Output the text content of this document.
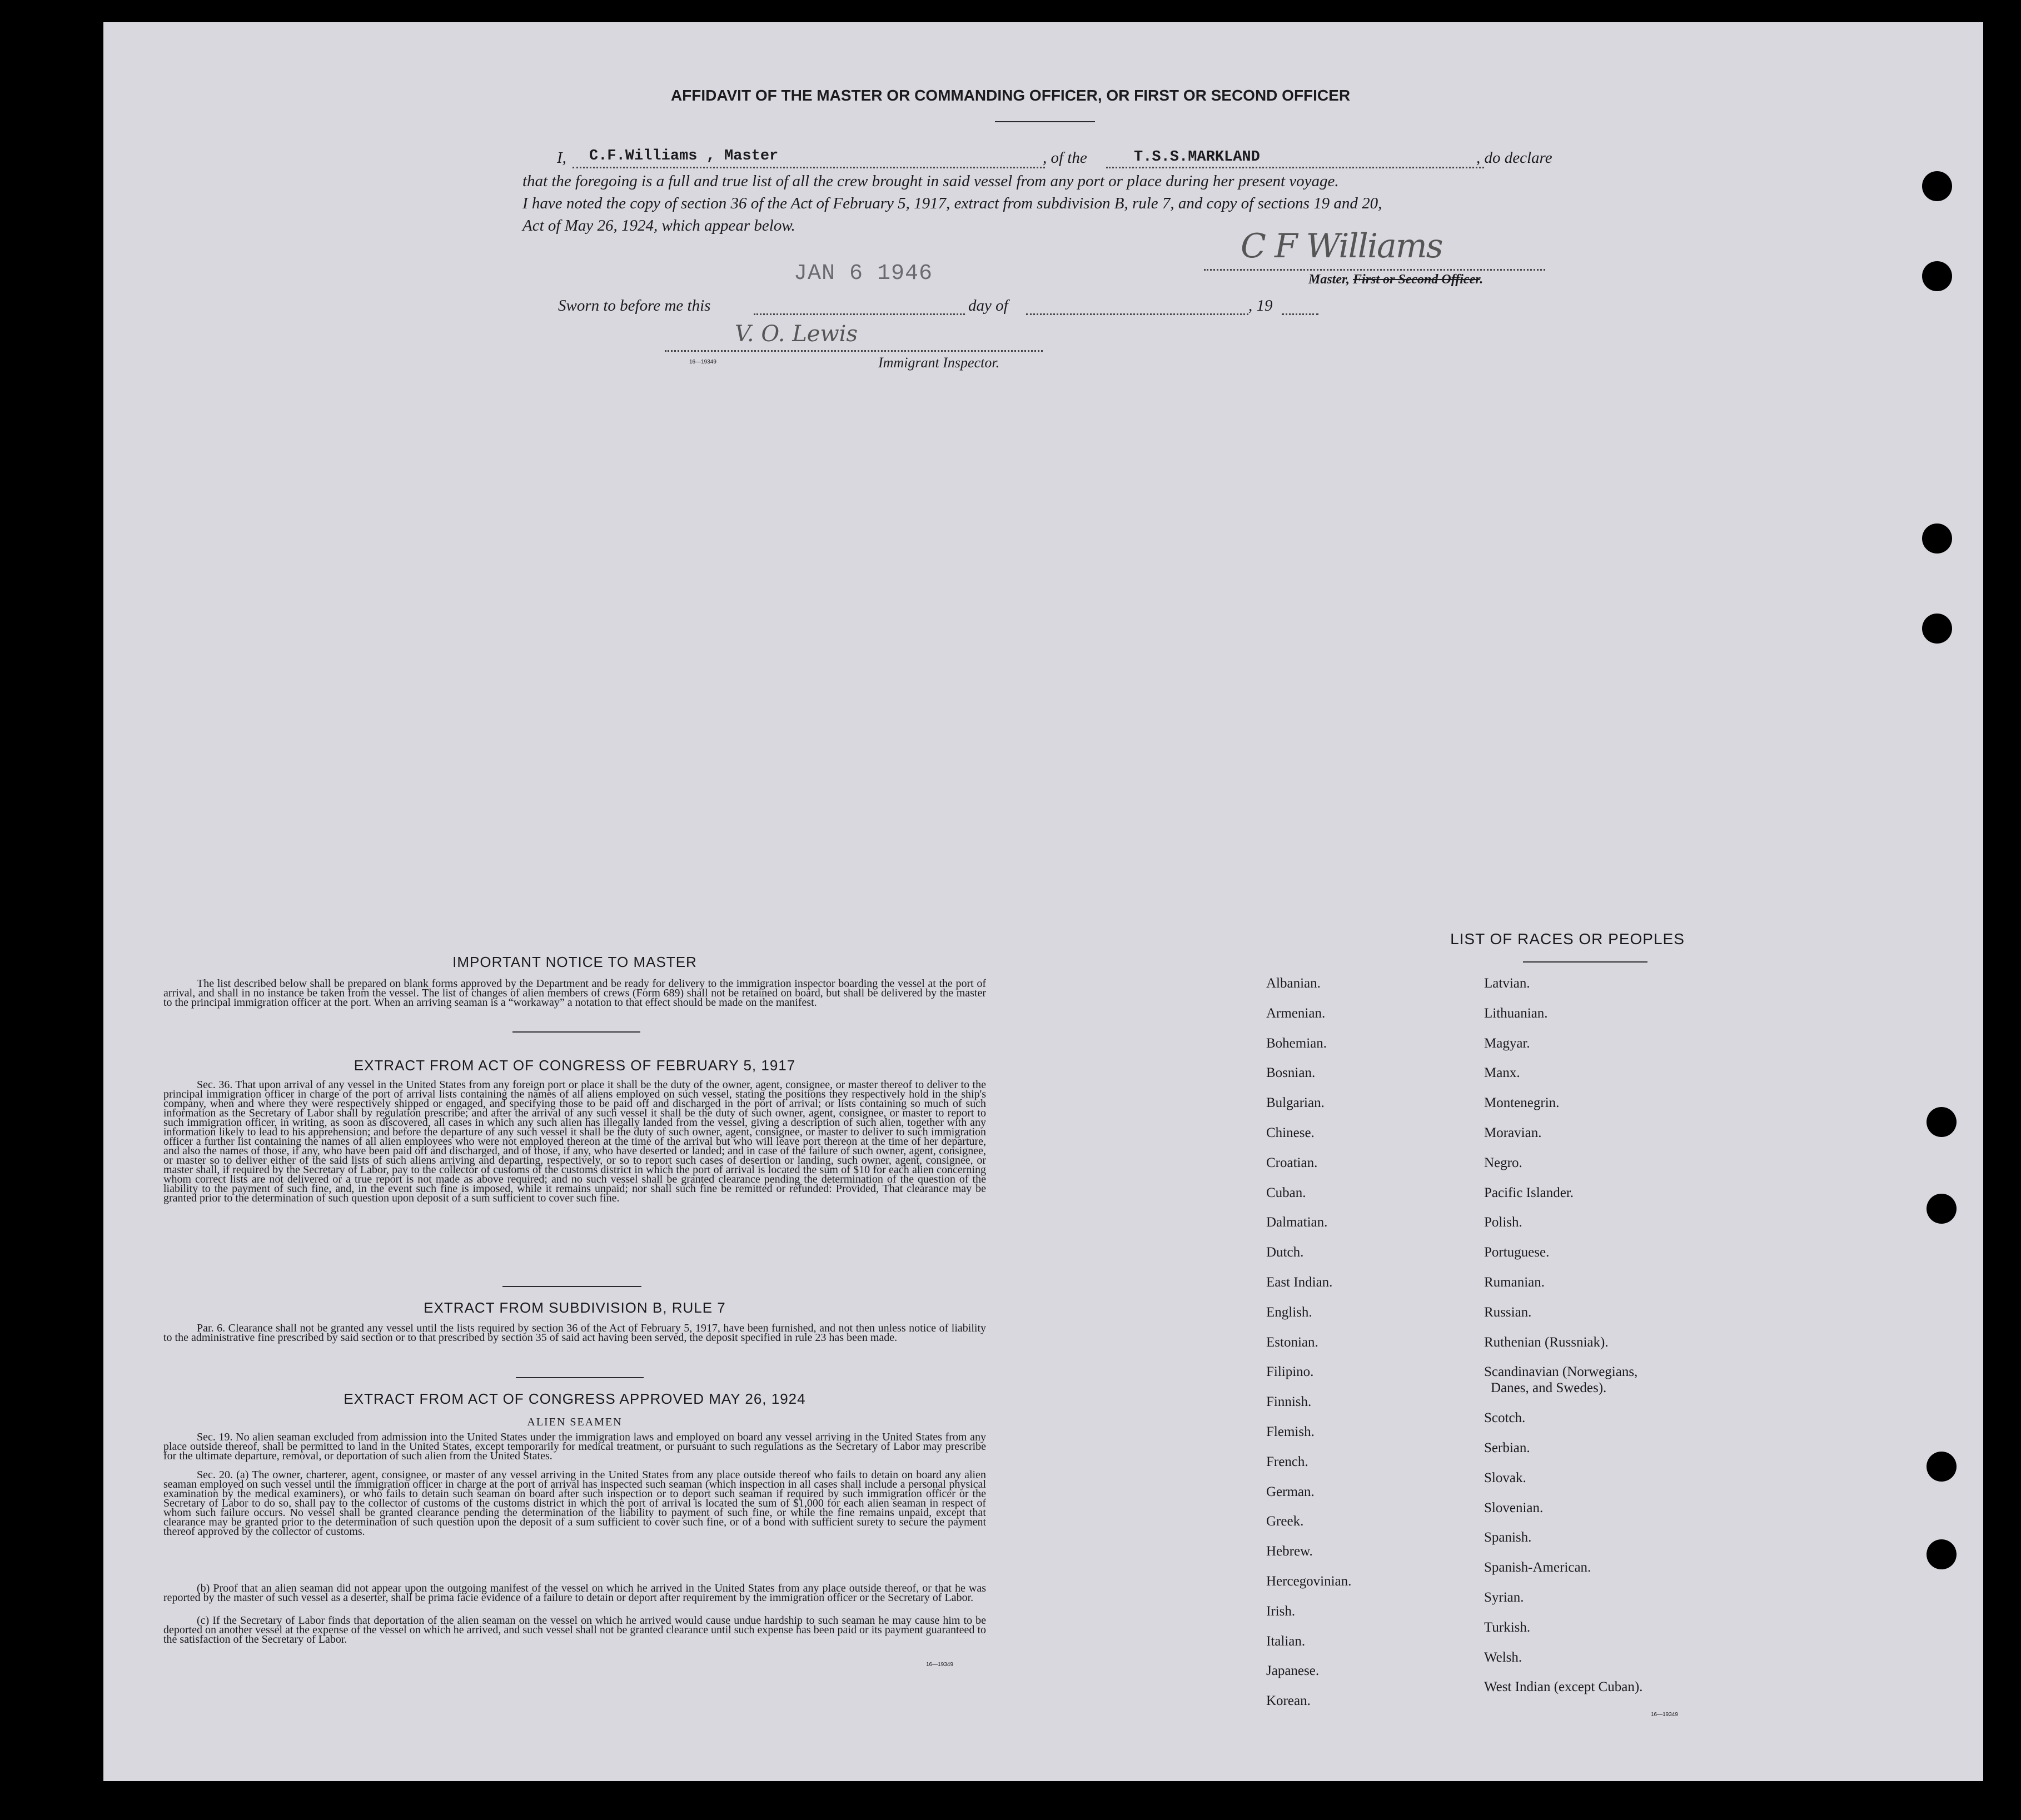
AFFIDAVIT OF THE MASTER OR COMMANDING OFFICER, OR FIRST OR SECOND OFFICER
I, C.F.Williams , Master	, of the	T.S.S.MARKLAND	, do declare
that the foregoing is a full and true list of all the crew brought in said vessel from any port or place during her present voyage.
I have noted the copy of section 36 of the Act of February 5, 1917, extract from subdivision B, rule 7, and copy of sections 19 and 20,
Act of May 26, 1924, which appear below.
JAN 6 1946
C F Williams
Master, First or Second Officer.
Sworn to before me this	day of	, 19
V. O. Lewis
16—19349	Immigrant Inspector.
IMPORTANT NOTICE TO MASTER
The list described below shall be prepared on blank forms approved by the Department and be ready for delivery to the immigration inspector boarding the vessel at the port of arrival, and shall in no instance be taken from the vessel. The list of changes of alien members of crews (Form 689) shall not be retained on board, but shall be delivered by the master to the principal immigration officer at the port. When an arriving seaman is a “workaway” a notation to that effect should be made on the manifest.
EXTRACT FROM ACT OF CONGRESS OF FEBRUARY 5, 1917
Sec. 36. That upon arrival of any vessel in the United States from any foreign port or place it shall be the duty of the owner, agent, consignee, or master thereof to deliver to the principal immigration officer in charge of the port of arrival lists containing the names of all aliens employed on such vessel, stating the positions they respectively hold in the ship's company, when and where they were respectively shipped or engaged, and specifying those to be paid off and discharged in the port of arrival; or lists containing so much of such information as the Secretary of Labor shall by regulation prescribe; and after the arrival of any such vessel it shall be the duty of such owner, agent, consignee, or master to report to such immigration officer, in writing, as soon as discovered, all cases in which any such alien has illegally landed from the vessel, giving a description of such alien, together with any information likely to lead to his apprehension; and before the departure of any such vessel it shall be the duty of such owner, agent, consignee, or master to deliver to such immigration officer a further list containing the names of all alien employees who were not employed thereon at the time of the arrival but who will leave port thereon at the time of her departure, and also the names of those, if any, who have been paid off and discharged, and of those, if any, who have deserted or landed; and in case of the failure of such owner, agent, consignee, or master so to deliver either of the said lists of such aliens arriving and departing, respectively, or so to report such cases of desertion or landing, such owner, agent, consignee, or master shall, if required by the Secretary of Labor, pay to the collector of customs of the customs district in which the port of arrival is located the sum of $10 for each alien concerning whom correct lists are not delivered or a true report is not made as above required; and no such vessel shall be granted clearance pending the determination of the question of the liability to the payment of such fine, and, in the event such fine is imposed, while it remains unpaid; nor shall such fine be remitted or refunded: Provided, That clearance may be granted prior to the determination of such question upon deposit of a sum sufficient to cover such fine.
EXTRACT FROM SUBDIVISION B, RULE 7
Par. 6. Clearance shall not be granted any vessel until the lists required by section 36 of the Act of February 5, 1917, have been furnished, and not then unless notice of liability to the administrative fine prescribed by said section or to that prescribed by section 35 of said act having been served, the deposit specified in rule 23 has been made.
EXTRACT FROM ACT OF CONGRESS APPROVED MAY 26, 1924
ALIEN SEAMEN
Sec. 19. No alien seaman excluded from admission into the United States under the immigration laws and employed on board any vessel arriving in the United States from any place outside thereof, shall be permitted to land in the United States, except temporarily for medical treatment, or pursuant to such regulations as the Secretary of Labor may prescribe for the ultimate departure, removal, or deportation of such alien from the United States.
Sec. 20. (a) The owner, charterer, agent, consignee, or master of any vessel arriving in the United States from any place outside thereof who fails to detain on board any alien seaman employed on such vessel until the immigration officer in charge at the port of arrival has inspected such seaman (which inspection in all cases shall include a personal physical examination by the medical examiners), or who fails to detain such seaman on board after such inspection or to deport such seaman if required by such immigration officer or the Secretary of Labor to do so, shall pay to the collector of customs of the customs district in which the port of arrival is located the sum of $1,000 for each alien seaman in respect of whom such failure occurs. No vessel shall be granted clearance pending the determination of the liability to payment of such fine, or while the fine remains unpaid, except that clearance may be granted prior to the determination of such question upon the deposit of a sum sufficient to cover such fine, or of a bond with sufficient surety to secure the payment thereof approved by the collector of customs.
(b) Proof that an alien seaman did not appear upon the outgoing manifest of the vessel on which he arrived in the United States from any place outside thereof, or that he was reported by the master of such vessel as a deserter, shall be prima facie evidence of a failure to detain or deport after requirement by the immigration officer or the Secretary of Labor.
(c) If the Secretary of Labor finds that deportation of the alien seaman on the vessel on which he arrived would cause undue hardship to such seaman he may cause him to be deported on another vessel at the expense of the vessel on which he arrived, and such vessel shall not be granted clearance until such expense has been paid or its payment guaranteed to the satisfaction of the Secretary of Labor.
16—19349
LIST OF RACES OR PEOPLES
Albanian.
Armenian.
Bohemian.
Bosnian.
Bulgarian.
Chinese.
Croatian.
Cuban.
Dalmatian.
Dutch.
East Indian.
English.
Estonian.
Filipino.
Finnish.
Flemish.
French.
German.
Greek.
Hebrew.
Hercegovinian.
Irish.
Italian.
Japanese.
Korean.
Latvian.
Lithuanian.
Magyar.
Manx.
Montenegrin.
Moravian.
Negro.
Pacific Islander.
Polish.
Portuguese.
Rumanian.
Russian.
Ruthenian (Russniak).
Scandinavian (Norwegians,
Danes, and Swedes).
Scotch.
Serbian.
Slovak.
Slovenian.
Spanish.
Spanish-American.
Syrian.
Turkish.
Welsh.
West Indian (except Cuban).
16—19349
